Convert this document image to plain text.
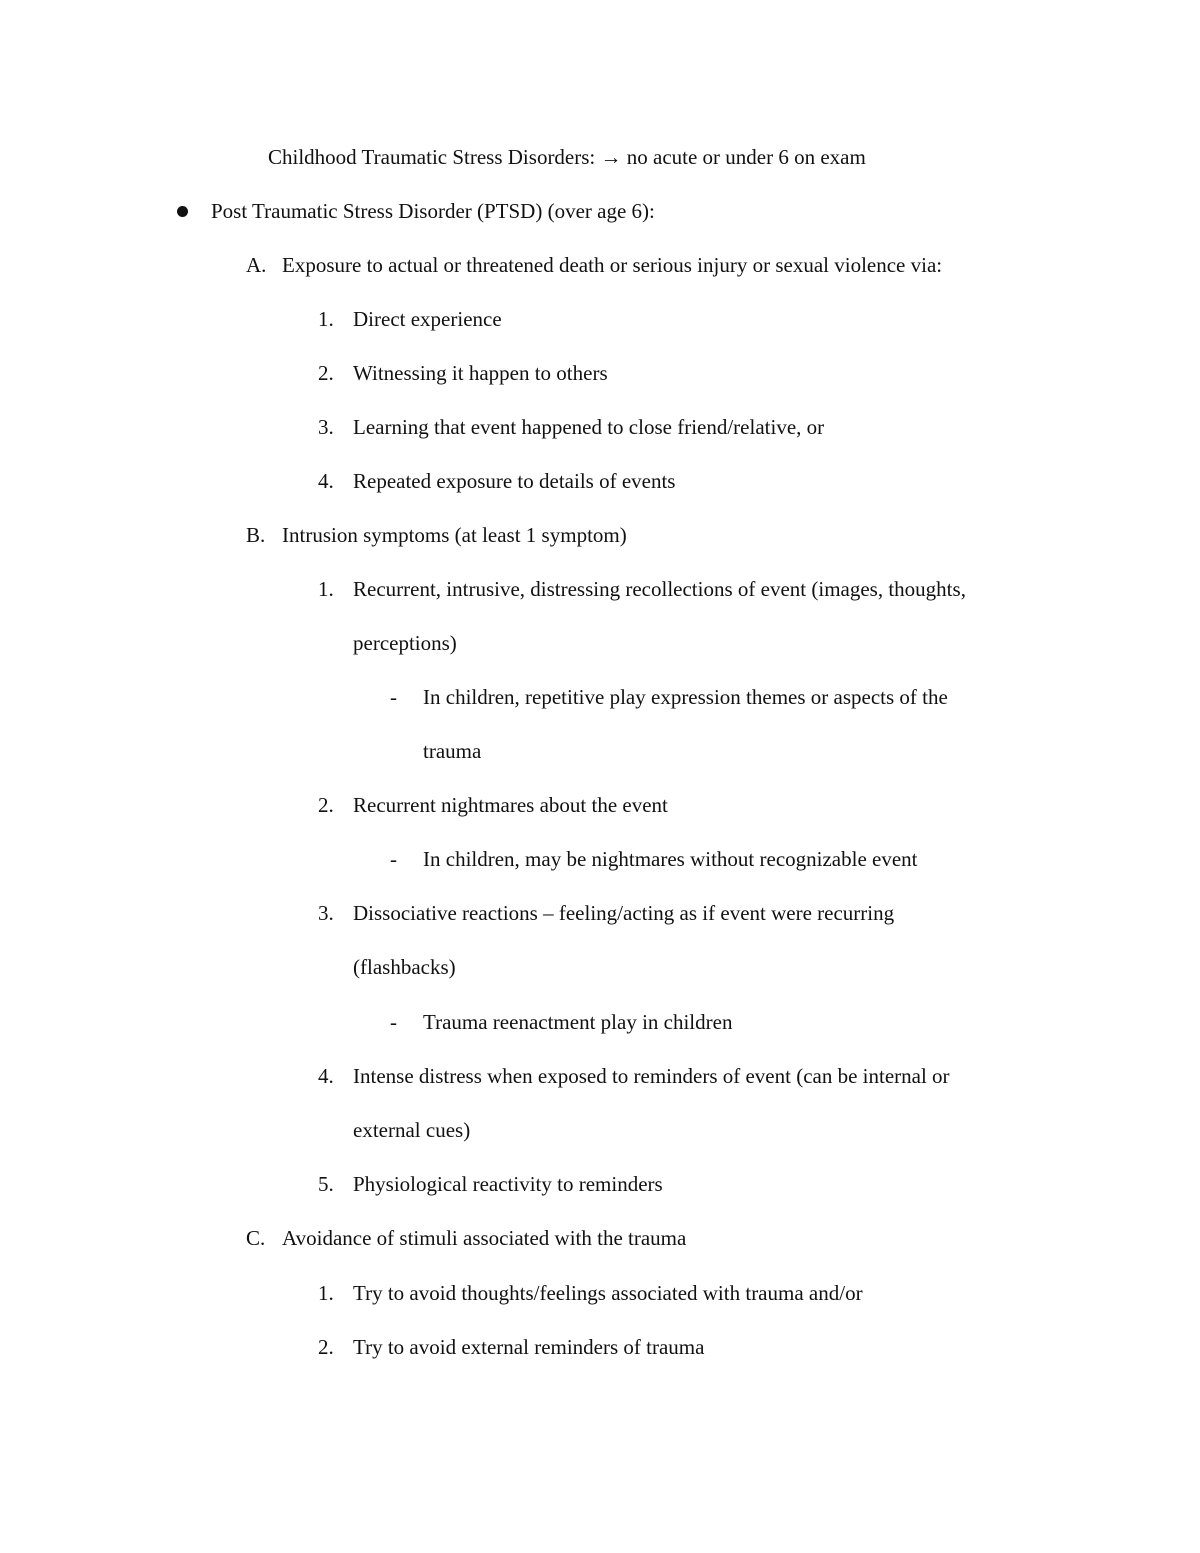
Childhood Traumatic Stress Disorders: → no acute or under 6 on exam
Post Traumatic Stress Disorder (PTSD) (over age 6):
A. Exposure to actual or threatened death or serious injury or sexual violence via:
1. Direct experience
2. Witnessing it happen to others
3. Learning that event happened to close friend/relative, or
4. Repeated exposure to details of events
B. Intrusion symptoms (at least 1 symptom)
1. Recurrent, intrusive, distressing recollections of event (images, thoughts,
perceptions)
- In children, repetitive play expression themes or aspects of the
trauma
2. Recurrent nightmares about the event
- In children, may be nightmares without recognizable event
3. Dissociative reactions – feeling/acting as if event were recurring
(flashbacks)
- Trauma reenactment play in children
4. Intense distress when exposed to reminders of event (can be internal or
external cues)
5. Physiological reactivity to reminders
C. Avoidance of stimuli associated with the trauma
1. Try to avoid thoughts/feelings associated with trauma and/or
2. Try to avoid external reminders of trauma
